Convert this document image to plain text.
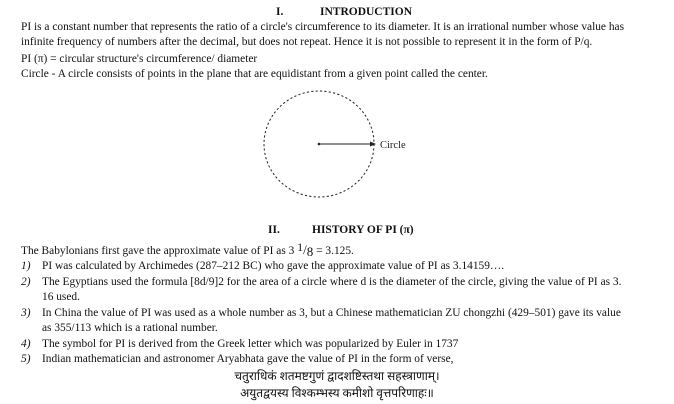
I.	INTRODUCTION
PI is a constant number that represents the ratio of a circle's circumference to its diameter. It is an irrational number whose value has
infinite frequency of numbers after the decimal, but does not repeat. Hence it is not possible to represent it in the form of P/q.
PI (π) = circular structure's circumference/ diameter
Circle - A circle consists of points in the plane that are equidistant from a given point called the center.
Circle
II.	HISTORY OF PI (π)
The Babylonians first gave the approximate value of PI as 3 1/8 = 3.125.
1) PI was calculated by Archimedes (287–212 BC) who gave the approximate value of PI as 3.14159….
2) The Egyptians used the formula [8d/9]2 for the area of a circle where d is the diameter of the circle, giving the value of PI as 3.
16 used.
3) In China the value of PI was used as a whole number as 3, but a Chinese mathematician ZU chongzhi (429–501) gave its value
as 355/113 which is a rational number.
4) The symbol for PI is derived from the Greek letter which was popularized by Euler in 1737
5) Indian mathematician and astronomer Aryabhata gave the value of PI in the form of verse,
चतुराधिकं शतमष्टगुणं द्वादशष्टिस्तथा सहस्त्राणाम्।
अयुतद्वयस्य विश्कम्भस्य कमीशो वृत्तपरिणाहः॥
